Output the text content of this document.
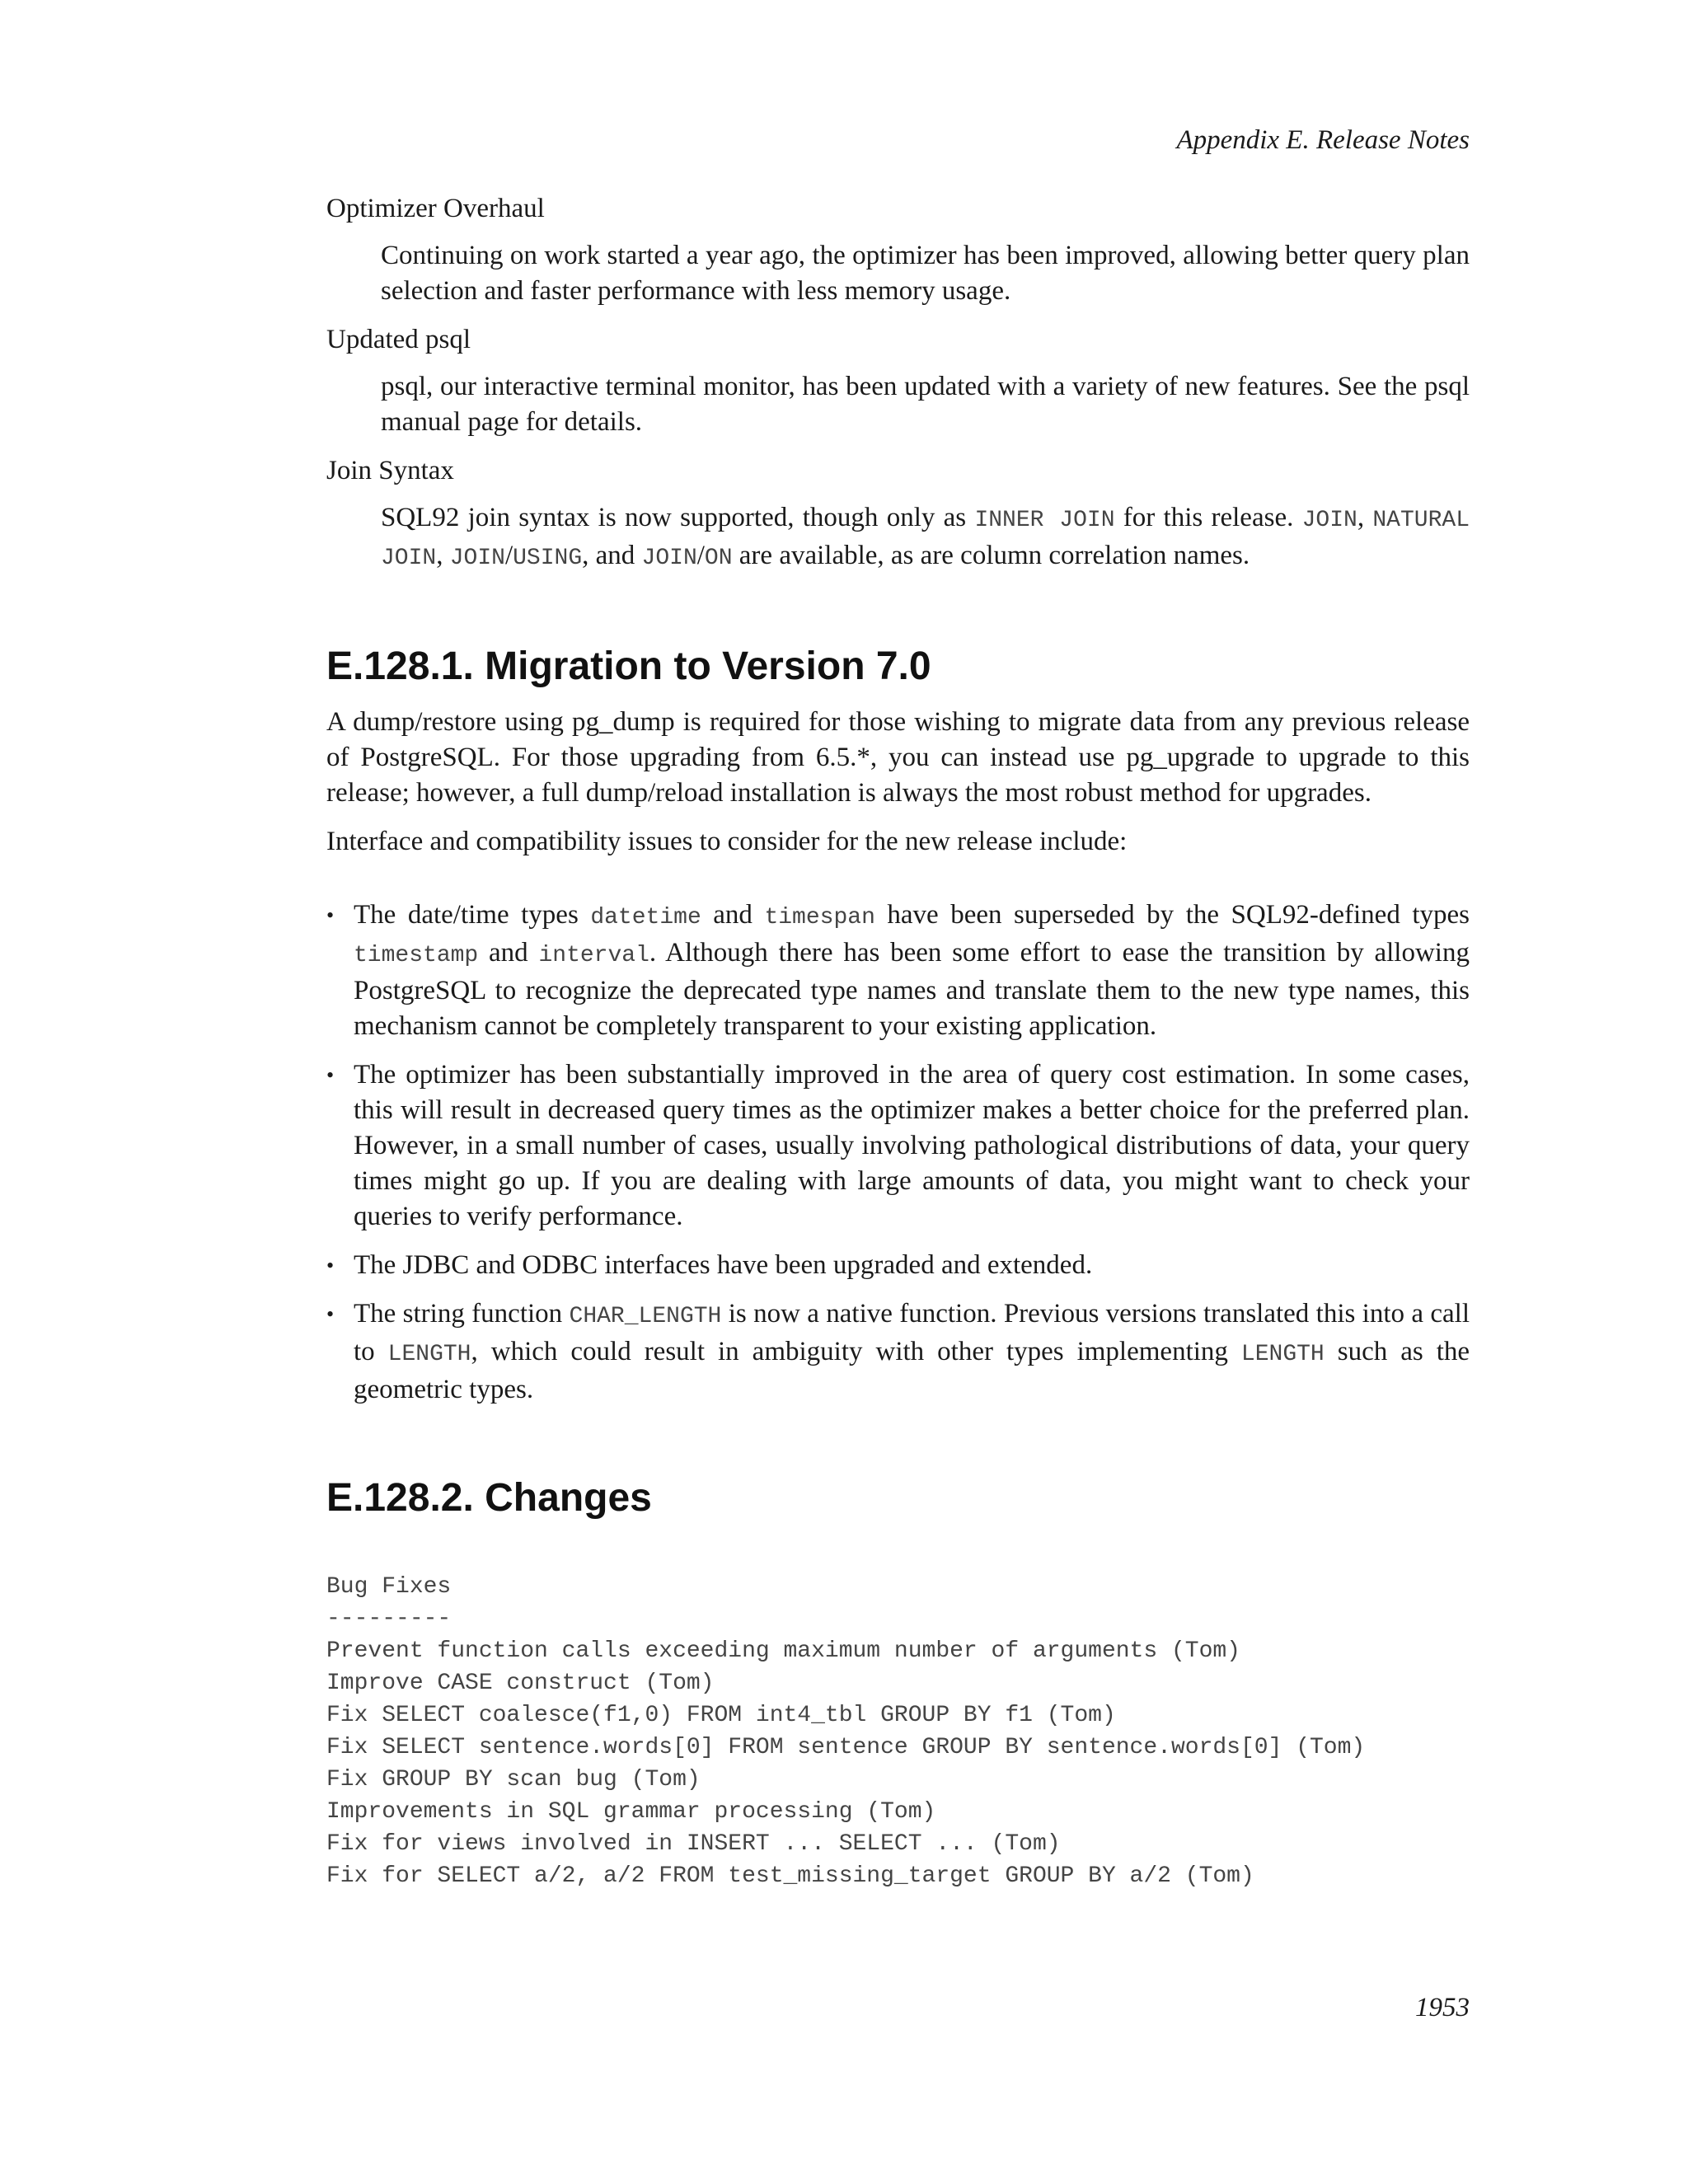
Appendix E. Release Notes
Optimizer Overhaul
Continuing on work started a year ago, the optimizer has been improved, allowing better query plan selection and faster performance with less memory usage.
Updated psql
psql, our interactive terminal monitor, has been updated with a variety of new features. See the psql manual page for details.
Join Syntax
SQL92 join syntax is now supported, though only as INNER JOIN for this release. JOIN, NATURAL JOIN, JOIN/USING, and JOIN/ON are available, as are column correlation names.
E.128.1. Migration to Version 7.0

A dump/restore using pg_dump is required for those wishing to migrate data from any previous release of PostgreSQL. For those upgrading from 6.5.*, you can instead use pg_upgrade to upgrade to this release; however, a full dump/reload installation is always the most robust method for upgrades.

Interface and compatibility issues to consider for the new release include:

• The date/time types datetime and timespan have been superseded by the SQL92-defined types timestamp and interval. Although there has been some effort to ease the transition by allowing PostgreSQL to recognize the deprecated type names and translate them to the new type names, this mechanism cannot be completely transparent to your existing application.
• The optimizer has been substantially improved in the area of query cost estimation. In some cases, this will result in decreased query times as the optimizer makes a better choice for the preferred plan. However, in a small number of cases, usually involving pathological distributions of data, your query times might go up. If you are dealing with large amounts of data, you might want to check your queries to verify performance.
• The JDBC and ODBC interfaces have been upgraded and extended.
• The string function CHAR_LENGTH is now a native function. Previous versions translated this into a call to LENGTH, which could result in ambiguity with other types implementing LENGTH such as the geometric types.
E.128.2. Changes
Bug Fixes
---------
Prevent function calls exceeding maximum number of arguments (Tom)
Improve CASE construct (Tom)
Fix SELECT coalesce(f1,0) FROM int4_tbl GROUP BY f1 (Tom)
Fix SELECT sentence.words[0] FROM sentence GROUP BY sentence.words[0] (Tom)
Fix GROUP BY scan bug (Tom)
Improvements in SQL grammar processing (Tom)
Fix for views involved in INSERT ... SELECT ... (Tom)
Fix for SELECT a/2, a/2 FROM test_missing_target GROUP BY a/2 (Tom)
1953
